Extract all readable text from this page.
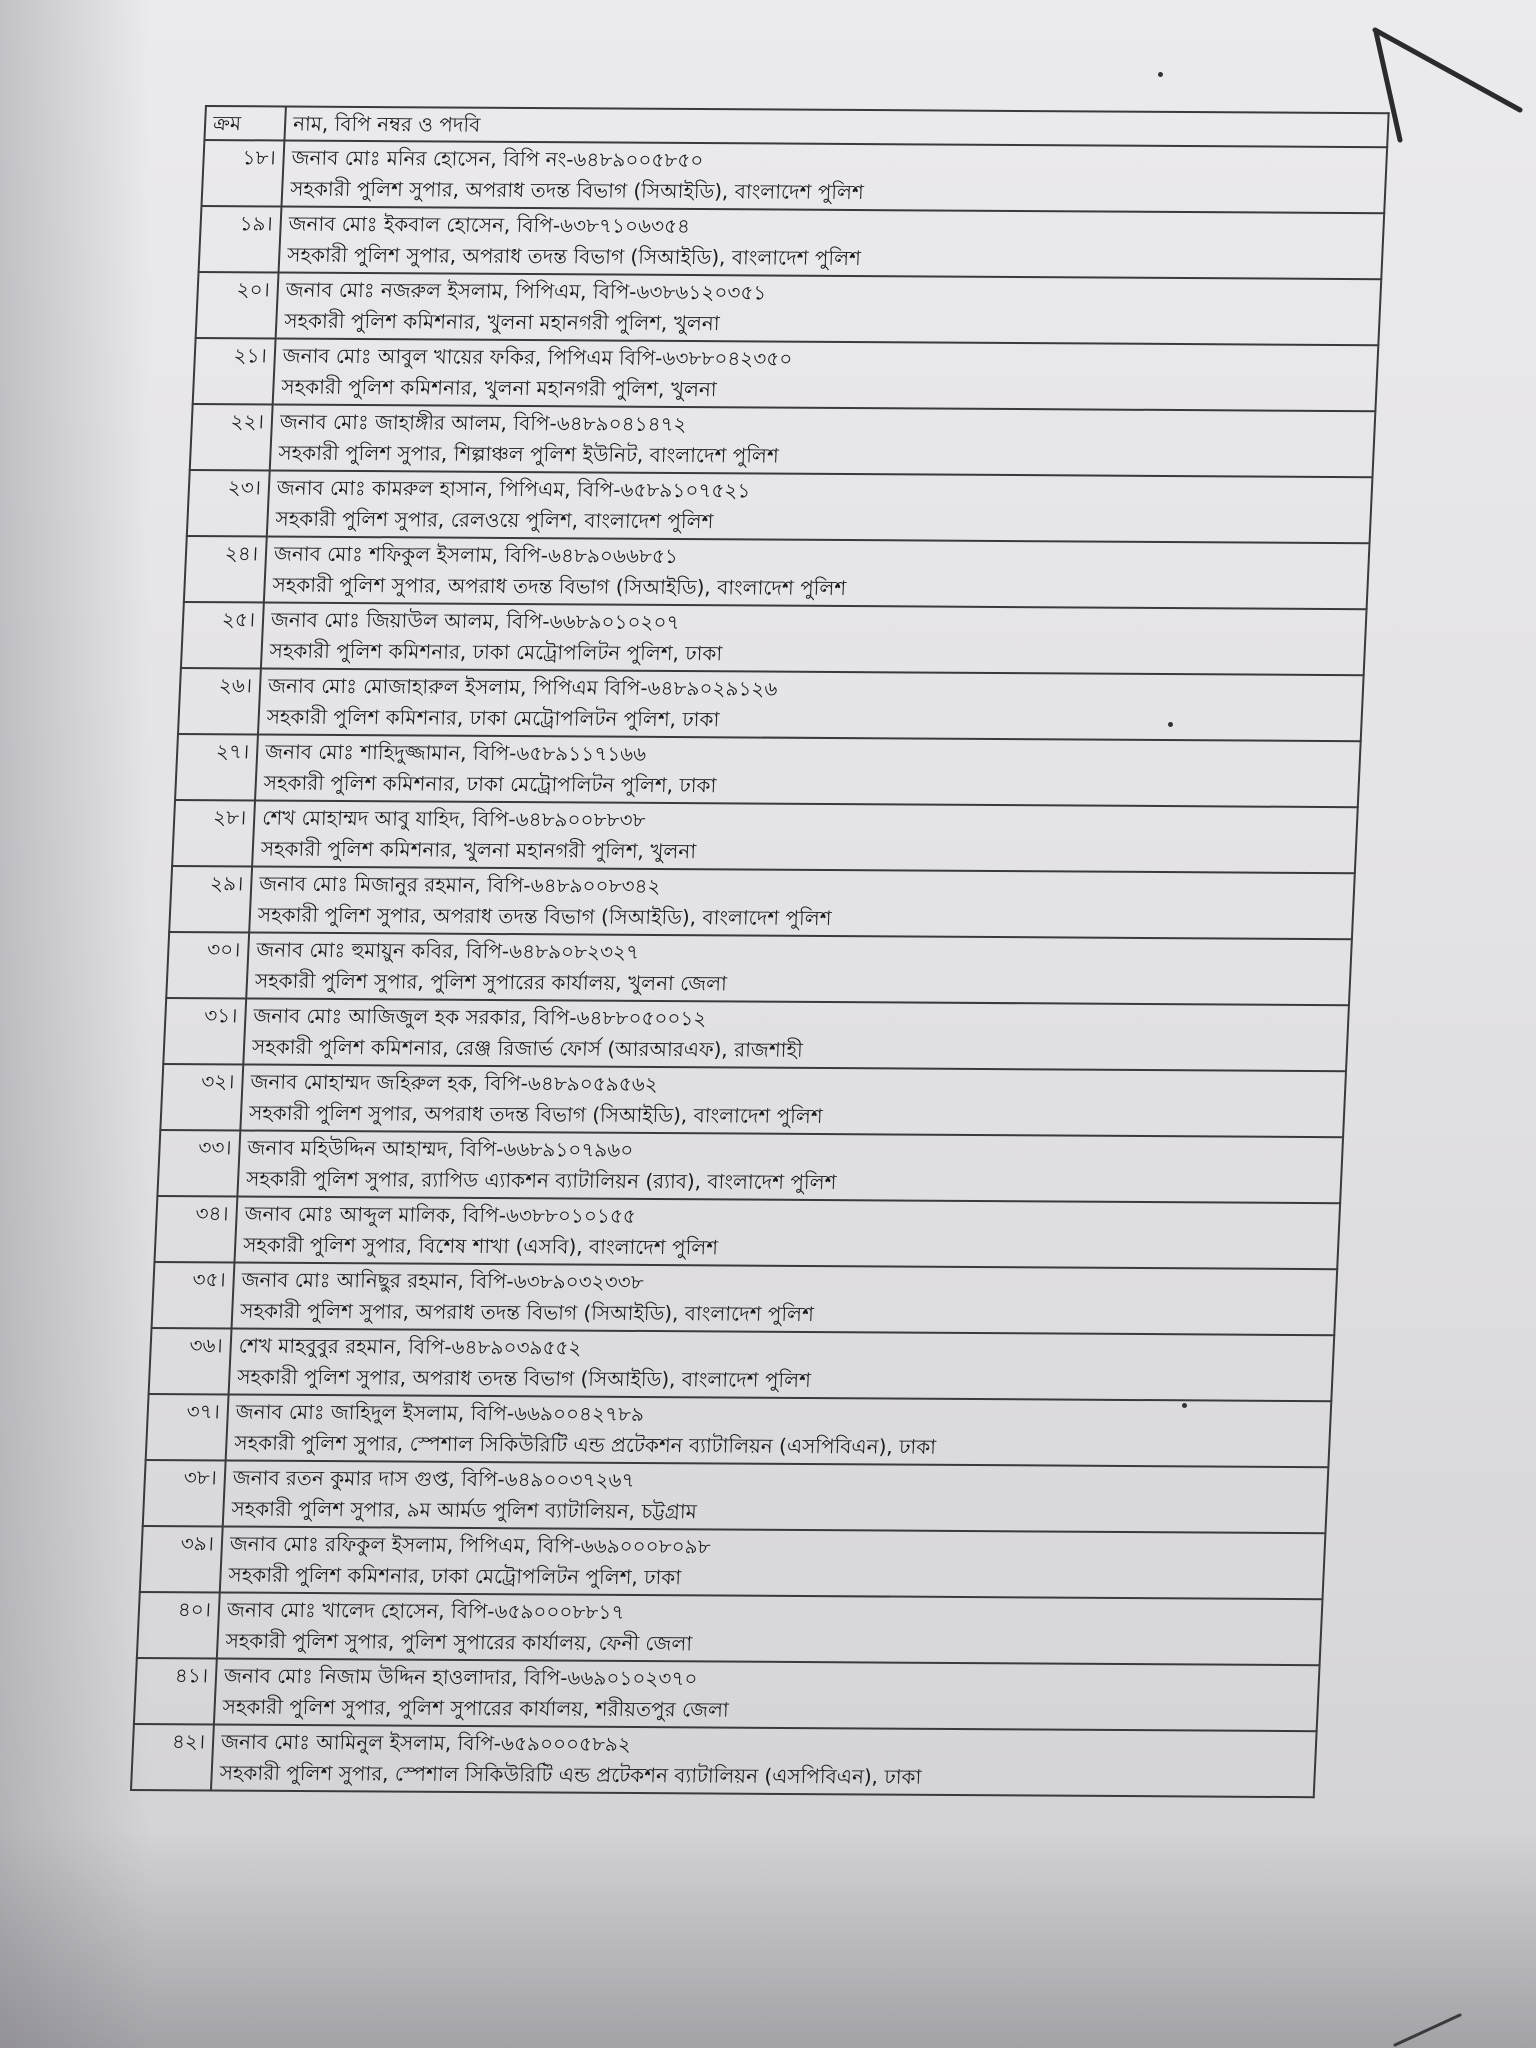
ক্রম	নাম, বিপি নম্বর ও পদবি
১৮।	জনাব মোঃ মনির হোসেন, বিপি নং-৬৪৮৯০০৫৮৫০
সহকারী পুলিশ সুপার, অপরাধ তদন্ত বিভাগ (সিআইডি), বাংলাদেশ পুলিশ

১৯।	জনাব মোঃ ইকবাল হোসেন, বিপি-৬৩৮৭১০৬৩৫৪
সহকারী পুলিশ সুপার, অপরাধ তদন্ত বিভাগ (সিআইডি), বাংলাদেশ পুলিশ

২০।	জনাব মোঃ নজরুল ইসলাম, পিপিএম, বিপি-৬৩৮৬১২০৩৫১
সহকারী পুলিশ কমিশনার, খুলনা মহানগরী পুলিশ, খুলনা

২১।	জনাব মোঃ আবুল খায়ের ফকির, পিপিএম বিপি-৬৩৮৮০৪২৩৫০
সহকারী পুলিশ কমিশনার, খুলনা মহানগরী পুলিশ, খুলনা

২২।	জনাব মোঃ জাহাঙ্গীর আলম, বিপি-৬৪৮৯০৪১৪৭২
সহকারী পুলিশ সুপার, শিল্পাঞ্চল পুলিশ ইউনিট, বাংলাদেশ পুলিশ

২৩।	জনাব মোঃ কামরুল হাসান, পিপিএম, বিপি-৬৫৮৯১০৭৫২১
সহকারী পুলিশ সুপার, রেলওয়ে পুলিশ, বাংলাদেশ পুলিশ

২৪।	জনাব মোঃ শফিকুল ইসলাম, বিপি-৬৪৮৯০৬৬৮৫১
সহকারী পুলিশ সুপার, অপরাধ তদন্ত বিভাগ (সিআইডি), বাংলাদেশ পুলিশ

২৫।	জনাব মোঃ জিয়াউল আলম, বিপি-৬৬৮৯০১০২০৭
সহকারী পুলিশ কমিশনার, ঢাকা মেট্রোপলিটন পুলিশ, ঢাকা

২৬।	জনাব মোঃ মোজাহারুল ইসলাম, পিপিএম বিপি-৬৪৮৯০২৯১২৬
সহকারী পুলিশ কমিশনার, ঢাকা মেট্রোপলিটন পুলিশ, ঢাকা

২৭।	জনাব মোঃ শাহিদুজ্জামান, বিপি-৬৫৮৯১১৭১৬৬
সহকারী পুলিশ কমিশনার, ঢাকা মেট্রোপলিটন পুলিশ, ঢাকা

২৮।	শেখ মোহাম্মদ আবু যাহিদ, বিপি-৬৪৮৯০০৮৮৩৮
সহকারী পুলিশ কমিশনার, খুলনা মহানগরী পুলিশ, খুলনা

২৯।	জনাব মোঃ মিজানুর রহমান, বিপি-৬৪৮৯০০৮৩৪২
সহকারী পুলিশ সুপার, অপরাধ তদন্ত বিভাগ (সিআইডি), বাংলাদেশ পুলিশ

৩০।	জনাব মোঃ হুমায়ুন কবির, বিপি-৬৪৮৯০৮২৩২৭
সহকারী পুলিশ সুপার, পুলিশ সুপারের কার্যালয়, খুলনা জেলা

৩১।	জনাব মোঃ আজিজুল হক সরকার, বিপি-৬৪৮৮০৫০০১২
সহকারী পুলিশ কমিশনার, রেঞ্জ রিজার্ভ ফোর্স (আরআরএফ), রাজশাহী

৩২।	জনাব মোহাম্মদ জহিরুল হক, বিপি-৬৪৮৯০৫৯৫৬২
সহকারী পুলিশ সুপার, অপরাধ তদন্ত বিভাগ (সিআইডি), বাংলাদেশ পুলিশ

৩৩।	জনাব মহিউদ্দিন আহাম্মদ, বিপি-৬৬৮৯১০৭৯৬০
সহকারী পুলিশ সুপার, র‍্যাপিড এ্যাকশন ব্যাটালিয়ন (র‍্যাব), বাংলাদেশ পুলিশ

৩৪।	জনাব মোঃ আব্দুল মালিক, বিপি-৬৩৮৮০১০১৫৫
সহকারী পুলিশ সুপার, বিশেষ শাখা (এসবি), বাংলাদেশ পুলিশ

৩৫।	জনাব মোঃ আনিছুর রহমান, বিপি-৬৩৮৯০৩২৩৩৮
সহকারী পুলিশ সুপার, অপরাধ তদন্ত বিভাগ (সিআইডি), বাংলাদেশ পুলিশ

৩৬।	শেখ মাহবুবুর রহমান, বিপি-৬৪৮৯০৩৯৫৫২
সহকারী পুলিশ সুপার, অপরাধ তদন্ত বিভাগ (সিআইডি), বাংলাদেশ পুলিশ

৩৭।	জনাব মোঃ জাহিদুল ইসলাম, বিপি-৬৬৯০০৪২৭৮৯
সহকারী পুলিশ সুপার, স্পেশাল সিকিউরিটি এন্ড প্রটেকশন ব্যাটালিয়ন (এসপিবিএন), ঢাকা

৩৮।	জনাব রতন কুমার দাস গুপ্ত, বিপি-৬৪৯০০৩৭২৬৭
সহকারী পুলিশ সুপার, ৯ম আর্মড পুলিশ ব্যাটালিয়ন, চট্টগ্রাম

৩৯।	জনাব মোঃ রফিকুল ইসলাম, পিপিএম, বিপি-৬৬৯০০০৮০৯৮
সহকারী পুলিশ কমিশনার, ঢাকা মেট্রোপলিটন পুলিশ, ঢাকা

৪০।	জনাব মোঃ খালেদ হোসেন, বিপি-৬৫৯০০০৮৮১৭
সহকারী পুলিশ সুপার, পুলিশ সুপারের কার্যালয়, ফেনী জেলা

৪১।	জনাব মোঃ নিজাম উদ্দিন হাওলাদার, বিপি-৬৬৯০১০২৩৭০
সহকারী পুলিশ সুপার, পুলিশ সুপারের কার্যালয়, শরীয়তপুর জেলা

৪২।	জনাব মোঃ আমিনুল ইসলাম, বিপি-৬৫৯০০০৫৮৯২
সহকারী পুলিশ সুপার, স্পেশাল সিকিউরিটি এন্ড প্রটেকশন ব্যাটালিয়ন (এসপিবিএন), ঢাকা
